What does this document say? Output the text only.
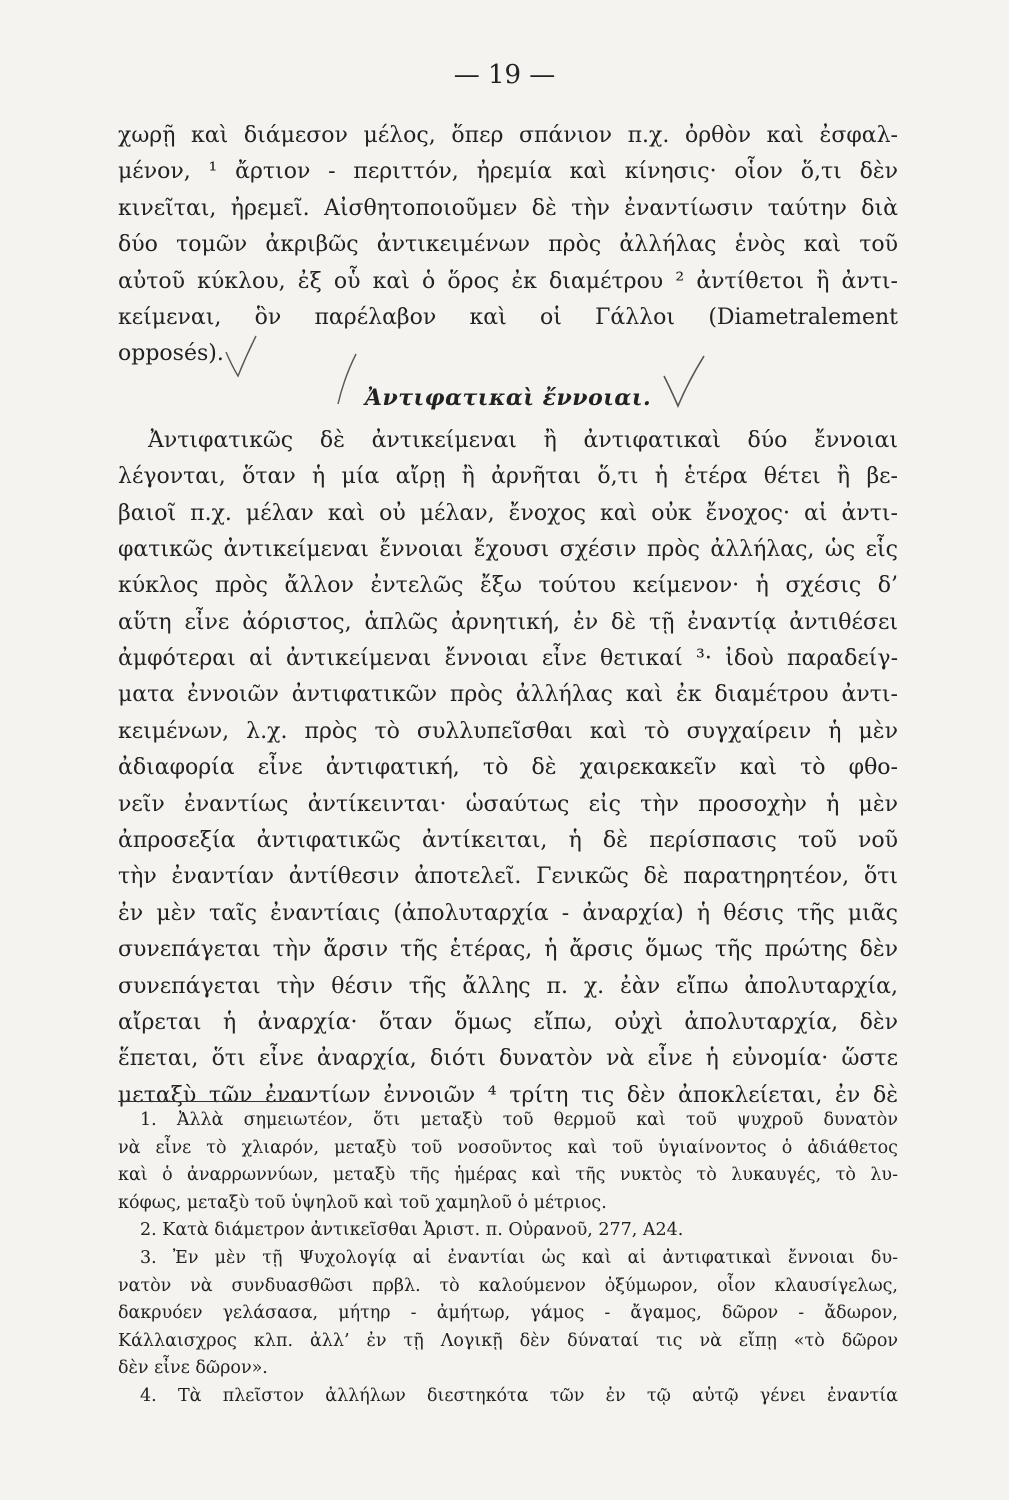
— 19 —
χωρῇ καὶ διάμεσον μέλος, ὅπερ σπάνιον π.χ. ὀρθὸν καὶ ἐσφαλ-
μένον, ¹ ἄρτιον - περιττόν, ἠρεμία καὶ κίνησις· οἷον ὅ,τι δὲν
κινεῖται, ἠρεμεῖ. Αἰσθητοποιοῦμεν δὲ τὴν ἐναντίωσιν ταύτην διὰ
δύο τομῶν ἀκριβῶς ἀντικειμένων πρὸς ἀλλήλας ἑνὸς καὶ τοῦ
αὐτοῦ κύκλου, ἐξ οὗ καὶ ὁ ὅρος ἐκ διαμέτρου ² ἀντίθετοι ἢ ἀντι-
κείμεναι, ὃν παρέλαβον καὶ οἱ Γάλλοι (Diametralement
opposés).
Ἀντιφατικαὶ ἔννοιαι.
Ἀντιφατικῶς δὲ ἀντικείμεναι ἢ ἀντιφατικαὶ δύο ἔννοιαι
λέγονται, ὅταν ἡ μία αἴρῃ ἢ ἀρνῆται ὅ,τι ἡ ἑτέρα θέτει ἢ βε-
βαιοῖ π.χ. μέλαν καὶ οὐ μέλαν, ἔνοχος καὶ οὐκ ἔνοχος· αἱ ἀντι-
φατικῶς ἀντικείμεναι ἔννοιαι ἔχουσι σχέσιν πρὸς ἀλλήλας, ὡς εἷς
κύκλος πρὸς ἄλλον ἐντελῶς ἔξω τούτου κείμενον· ἡ σχέσις δ’
αὕτη εἶνε ἀόριστος, ἁπλῶς ἀρνητική, ἐν δὲ τῇ ἐναντίᾳ ἀντιθέσει
ἀμφότεραι αἱ ἀντικείμεναι ἔννοιαι εἶνε θετικαί ³· ἰδοὺ παραδείγ-
ματα ἐννοιῶν ἀντιφατικῶν πρὸς ἀλλήλας καὶ ἐκ διαμέτρου ἀντι-
κειμένων, λ.χ. πρὸς τὸ συλλυπεῖσθαι καὶ τὸ συγχαίρειν ἡ μὲν
ἀδιαφορία εἶνε ἀντιφατική, τὸ δὲ χαιρεκακεῖν καὶ τὸ φθο-
νεῖν ἐναντίως ἀντίκεινται· ὡσαύτως εἰς τὴν προσοχὴν ἡ μὲν
ἀπροσεξία ἀντιφατικῶς ἀντίκειται, ἡ δὲ περίσπασις τοῦ νοῦ
τὴν ἐναντίαν ἀντίθεσιν ἀποτελεῖ. Γενικῶς δὲ παρατηρητέον, ὅτι
ἐν μὲν ταῖς ἐναντίαις (ἀπολυταρχία - ἀναρχία) ἡ θέσις τῆς μιᾶς
συνεπάγεται τὴν ἄρσιν τῆς ἑτέρας, ἡ ἄρσις ὅμως τῆς πρώτης δὲν
συνεπάγεται τὴν θέσιν τῆς ἄλλης π. χ. ἐὰν εἴπω ἀπολυταρχία,
αἴρεται ἡ ἀναρχία· ὅταν ὅμως εἴπω, οὐχὶ ἀπολυταρχία, δὲν
ἕπεται, ὅτι εἶνε ἀναρχία, διότι δυνατὸν νὰ εἶνε ἡ εὐνομία· ὥστε
μεταξὺ τῶν ἐναντίων ἐννοιῶν ⁴ τρίτη τις δὲν ἀποκλείεται, ἐν δὲ
1. Ἀλλὰ σημειωτέον, ὅτι μεταξὺ τοῦ θερμοῦ καὶ τοῦ ψυχροῦ δυνατὸν
νὰ εἶνε τὸ χλιαρόν, μεταξὺ τοῦ νοσοῦντος καὶ τοῦ ὑγιαίνοντος ὁ ἀδιάθετος
καὶ ὁ ἀναρρωννύων, μεταξὺ τῆς ἡμέρας καὶ τῆς νυκτὸς τὸ λυκαυγές, τὸ λυ-
κόφως, μεταξὺ τοῦ ὑψηλοῦ καὶ τοῦ χαμηλοῦ ὁ μέτριος.
2. Κατὰ διάμετρον ἀντικεῖσθαι Ἀριστ. π. Οὐρανοῦ, 277, Α24.
3. Ἐν μὲν τῇ Ψυχολογίᾳ αἱ ἐναντίαι ὡς καὶ αἱ ἀντιφατικαὶ ἔννοιαι δυ-
νατὸν νὰ συνδυασθῶσι πρβλ. τὸ καλούμενον ὀξύμωρον, οἷον κλαυσίγελως,
δακρυόεν γελάσασα, μήτηρ - ἀμήτωρ, γάμος - ἄγαμος, δῶρον - ἄδωρον,
Κάλλαισχρος κλπ. ἀλλ’ ἐν τῇ Λογικῇ δὲν δύναταί τις νὰ εἴπῃ «τὸ δῶρον
δὲν εἶνε δῶρον».
4. Τὰ πλεῖστον ἀλλήλων διεστηκότα τῶν ἐν τῷ αὐτῷ γένει ἐναντία
